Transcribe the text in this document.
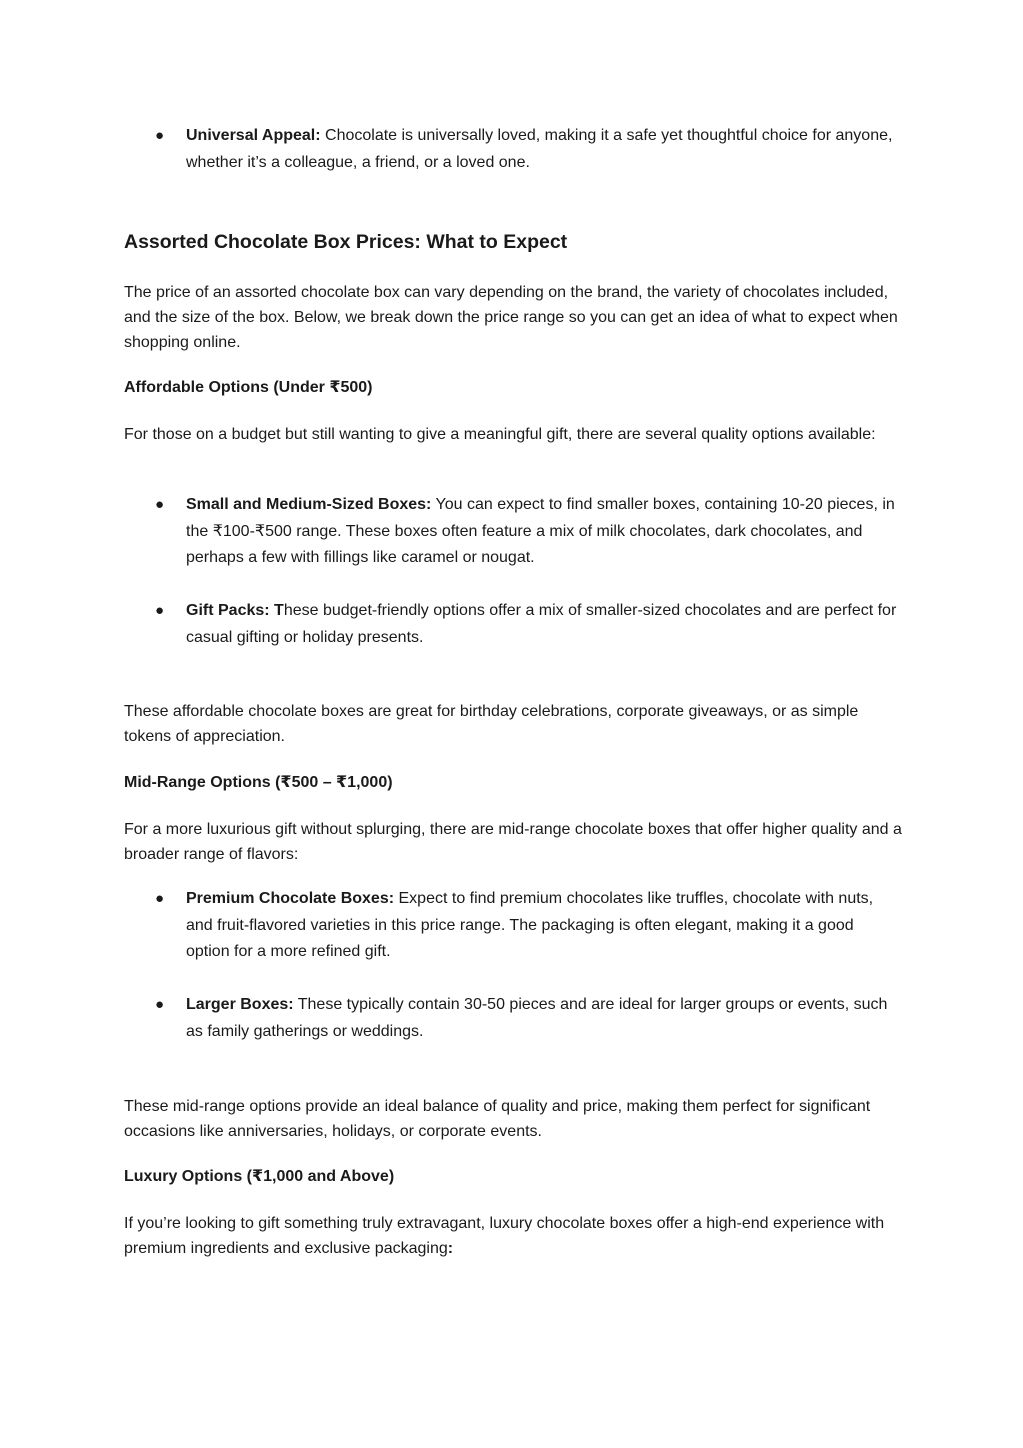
● Universal Appeal: Chocolate is universally loved, making it a safe yet thoughtful choice for anyone, whether it’s a colleague, a friend, or a loved one.

Assorted Chocolate Box Prices: What to Expect

The price of an assorted chocolate box can vary depending on the brand, the variety of chocolates included, and the size of the box. Below, we break down the price range so you can get an idea of what to expect when shopping online.

Affordable Options (Under ₹500)

For those on a budget but still wanting to give a meaningful gift, there are several quality options available:

● Small and Medium-Sized Boxes: You can expect to find smaller boxes, containing 10-20 pieces, in the ₹100-₹500 range. These boxes often feature a mix of milk chocolates, dark chocolates, and perhaps a few with fillings like caramel or nougat.

● Gift Packs: These budget-friendly options offer a mix of smaller-sized chocolates and are perfect for casual gifting or holiday presents.

These affordable chocolate boxes are great for birthday celebrations, corporate giveaways, or as simple tokens of appreciation.

Mid-Range Options (₹500 – ₹1,000)

For a more luxurious gift without splurging, there are mid-range chocolate boxes that offer higher quality and a broader range of flavors:

● Premium Chocolate Boxes: Expect to find premium chocolates like truffles, chocolate with nuts, and fruit-flavored varieties in this price range. The packaging is often elegant, making it a good option for a more refined gift.

● Larger Boxes: These typically contain 30-50 pieces and are ideal for larger groups or events, such as family gatherings or weddings.

These mid-range options provide an ideal balance of quality and price, making them perfect for significant occasions like anniversaries, holidays, or corporate events.

Luxury Options (₹1,000 and Above)

If you’re looking to gift something truly extravagant, luxury chocolate boxes offer a high-end experience with premium ingredients and exclusive packaging:
